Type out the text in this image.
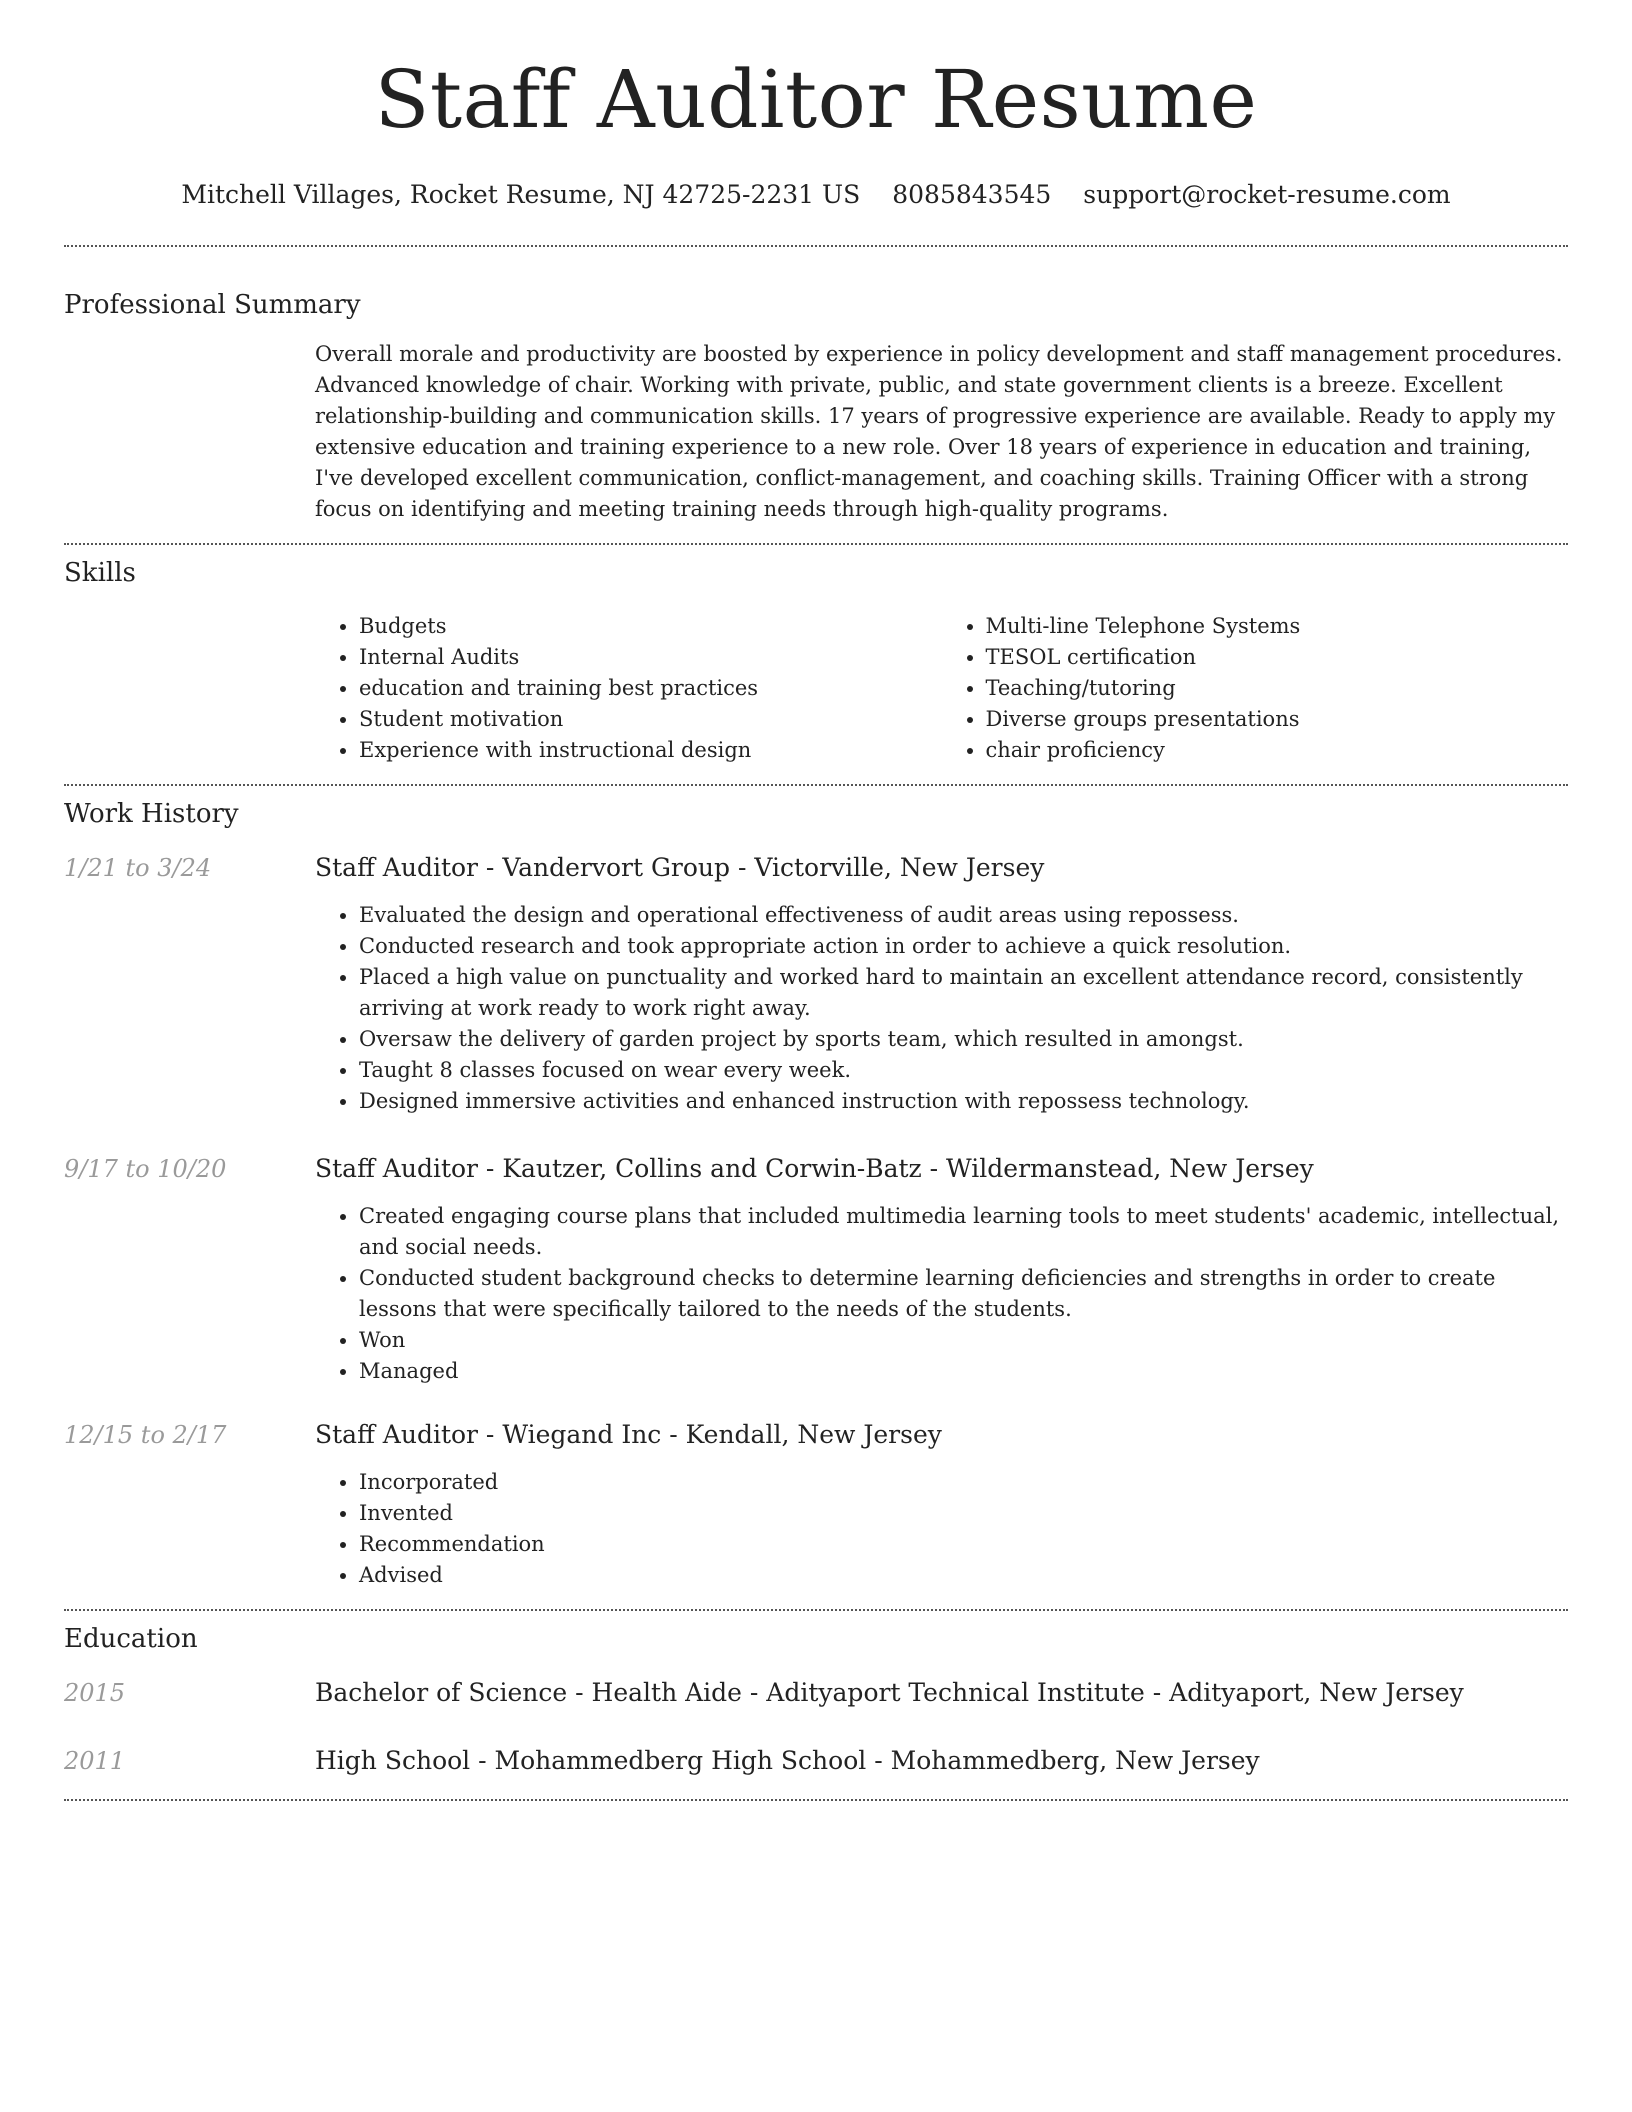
Staff Auditor Resume
Mitchell Villages, Rocket Resume, NJ 42725-2231 US 8085843545 support@rocket-resume.com
Professional Summary

Overall morale and productivity are boosted by experience in policy development and staff management procedures. Advanced knowledge of chair. Working with private, public, and state government clients is a breeze. Excellent relationship-building and communication skills. 17 years of progressive experience are available. Ready to apply my extensive education and training experience to a new role. Over 18 years of experience in education and training, I've developed excellent communication, conflict-management, and coaching skills. Training Officer with a strong focus on identifying and meeting training needs through high-quality programs.

Skills
• Budgets
• Internal Audits
• education and training best practices
• Student motivation
• Experience with instructional design
• Multi-line Telephone Systems
• TESOL certification
• Teaching/tutoring
• Diverse groups presentations
• chair proficiency
Work History
1/21 to 3/24	Staff Auditor - Vandervort Group - Victorville, New Jersey
• Evaluated the design and operational effectiveness of audit areas using repossess.
• Conducted research and took appropriate action in order to achieve a quick resolution.
• Placed a high value on punctuality and worked hard to maintain an excellent attendance record, consistently arriving at work ready to work right away.
• Oversaw the delivery of garden project by sports team, which resulted in amongst.
• Taught 8 classes focused on wear every week.
• Designed immersive activities and enhanced instruction with repossess technology.
9/17 to 10/20	Staff Auditor - Kautzer, Collins and Corwin-Batz - Wildermanstead, New Jersey
• Created engaging course plans that included multimedia learning tools to meet students' academic, intellectual, and social needs.
• Conducted student background checks to determine learning deficiencies and strengths in order to create lessons that were specifically tailored to the needs of the students.
• Won
• Managed
12/15 to 2/17	Staff Auditor - Wiegand Inc - Kendall, New Jersey
• Incorporated
• Invented
• Recommendation
• Advised
Education
2015	Bachelor of Science - Health Aide - Adityaport Technical Institute - Adityaport, New Jersey
2011	High School - Mohammedberg High School - Mohammedberg, New Jersey
